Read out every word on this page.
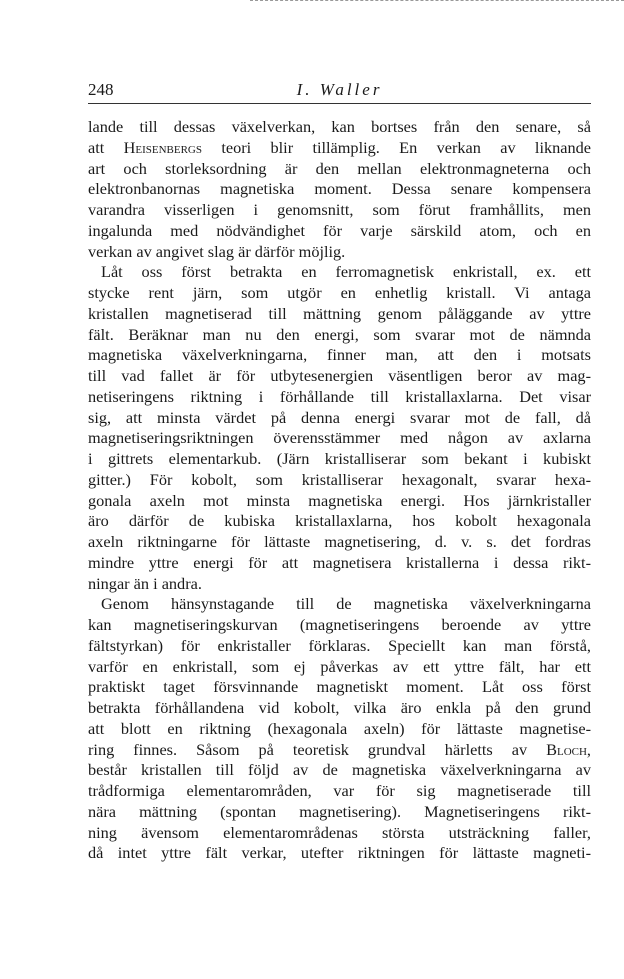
248	I. Waller
lande till dessas växelverkan, kan bortses från den senare, så
att Heisenbergs teori blir tillämplig. En verkan av liknande
art och storleksordning är den mellan elektronmagneterna och
elektronbanornas magnetiska moment. Dessa senare kompensera
varandra visserligen i genomsnitt, som förut framhållits, men
ingalunda med nödvändighet för varje särskild atom, och en
verkan av angivet slag är därför möjlig.
Låt oss först betrakta en ferromagnetisk enkristall, ex. ett
stycke rent järn, som utgör en enhetlig kristall. Vi antaga
kristallen magnetiserad till mättning genom påläggande av yttre
fält. Beräknar man nu den energi, som svarar mot de nämnda
magnetiska växelverkningarna, finner man, att den i motsats
till vad fallet är för utbytesenergien väsentligen beror av mag-
netiseringens riktning i förhållande till kristallaxlarna. Det visar
sig, att minsta värdet på denna energi svarar mot de fall, då
magnetiseringsriktningen överensstämmer med någon av axlarna
i gittrets elementarkub. (Järn kristalliserar som bekant i kubiskt
gitter.) För kobolt, som kristalliserar hexagonalt, svarar hexa-
gonala axeln mot minsta magnetiska energi. Hos järnkristaller
äro därför de kubiska kristallaxlarna, hos kobolt hexagonala
axeln riktningarne för lättaste magnetisering, d. v. s. det fordras
mindre yttre energi för att magnetisera kristallerna i dessa rikt-
ningar än i andra.
Genom hänsynstagande till de magnetiska växelverkningarna
kan magnetiseringskurvan (magnetiseringens beroende av yttre
fältstyrkan) för enkristaller förklaras. Speciellt kan man förstå,
varför en enkristall, som ej påverkas av ett yttre fält, har ett
praktiskt taget försvinnande magnetiskt moment. Låt oss först
betrakta förhållandena vid kobolt, vilka äro enkla på den grund
att blott en riktning (hexagonala axeln) för lättaste magnetise-
ring finnes. Såsom på teoretisk grundval härletts av Bloch,
består kristallen till följd av de magnetiska växelverkningarna av
trådformiga elementarområden, var för sig magnetiserade till
nära mättning (spontan magnetisering). Magnetiseringens rikt-
ning ävensom elementarområdenas största utsträckning faller,
då intet yttre fält verkar, utefter riktningen för lättaste magneti-
